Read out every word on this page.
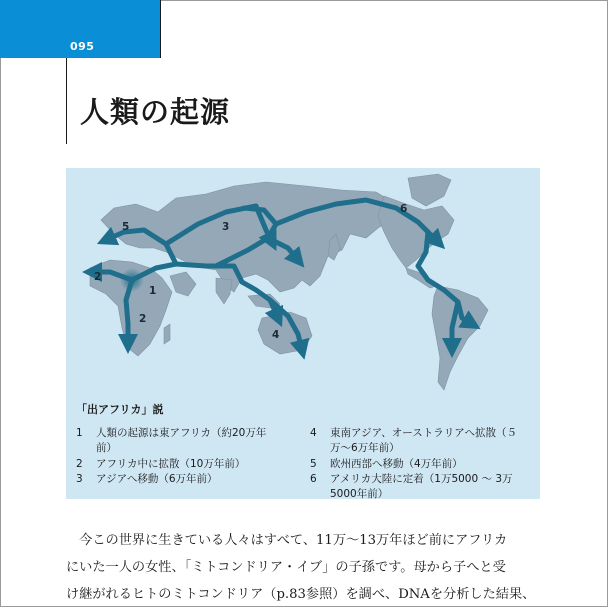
095
人類の起源
1
2
2
3
4
5
6
「出アフリカ」説
1	人類の起源は東アフリカ（約20万年
前）
2	アフリカ中に拡散（10万年前）
3	アジアへ移動（6万年前）
4	東南アジア、オーストラリアへ拡散（５
万～6万年前）
5	欧州西部へ移動（4万年前）
6	アメリカ大陸に定着（1万5000 ～ 3万
5000年前）
　今この世界に生きている人々はすべて、11万～13万年ほど前にアフリカ
にいた一人の女性、「ミトコンドリア・イブ」の子孫です。母から子へと受
け継がれるヒトのミトコンドリア（p.83参照）を調べ、DNAを分析した結果、
